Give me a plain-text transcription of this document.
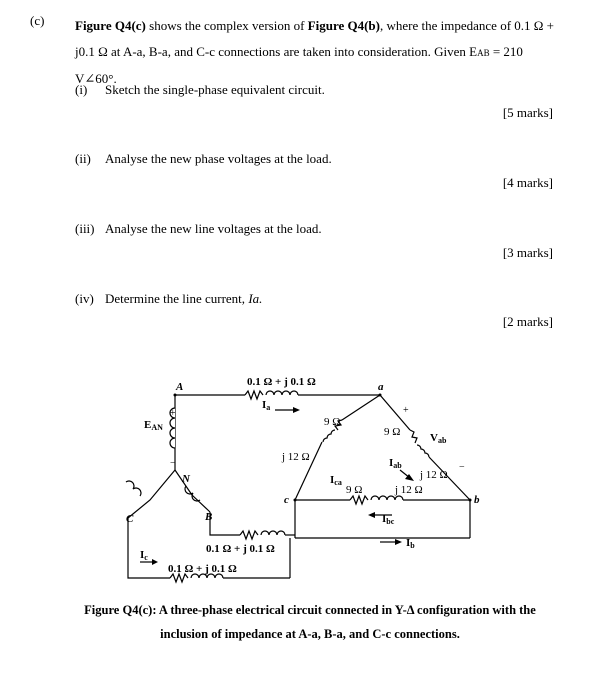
(c) Figure Q4(c) shows the complex version of Figure Q4(b), where the impedance of 0.1 Ω + j0.1 Ω at A-a, B-a, and C-c connections are taken into consideration. Given EAB = 210 V∠60°.
(i) Sketch the single-phase equivalent circuit.
[5 marks]
(ii) Analyse the new phase voltages at the load.
[4 marks]
(iii) Analyse the new line voltages at the load.
[3 marks]
(iv) Determine the line current, Ia.
[2 marks]
0.1 Ω + j 0.1 Ω
0.1 Ω + j 0.1 Ω
0.1 Ω + j 0.1 Ω
A	a
N
C	B
c	b
EAN
+
−
Ia
9 Ω
j 12 Ω
Ica
9 Ω
j 12 Ω
Iab
+
Vab
−
9 Ω	j 12 Ω
Ibc
Ib
Ic
Figure Q4(c): A three-phase electrical circuit connected in Y-Δ configuration with the
inclusion of impedance at A-a, B-a, and C-c connections.
